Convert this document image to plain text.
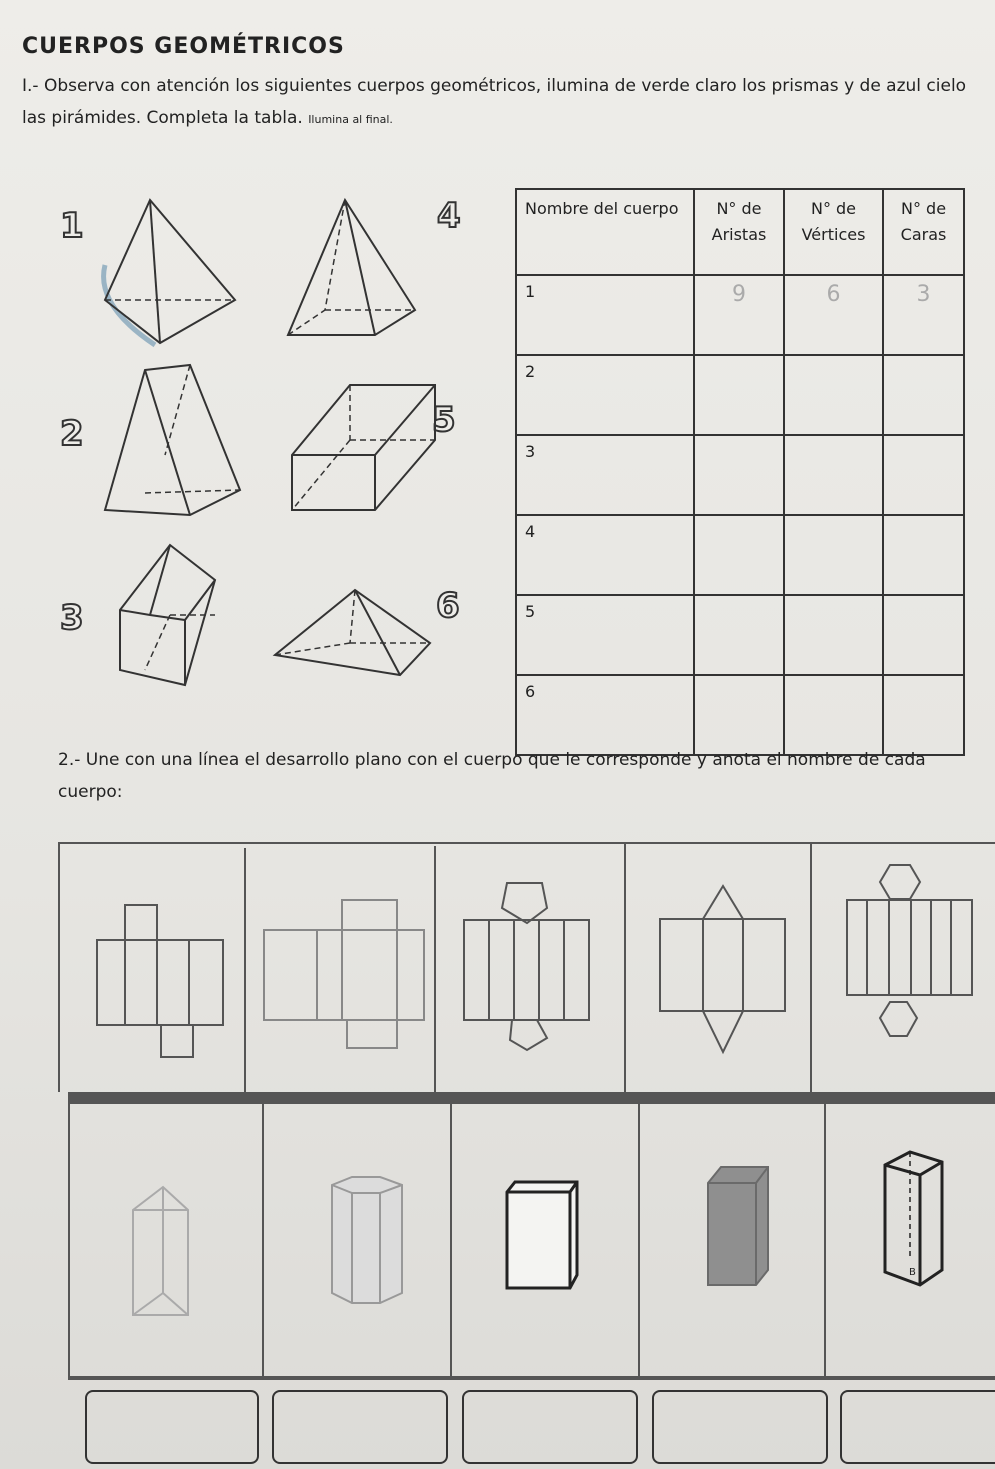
CUERPOS GEOMÉTRICOS
I.- Observa con atención los siguientes cuerpos geométricos, ilumina de verde claro los prismas y de azul cielo las pirámides. Completa la tabla. Ilumina al final.
1
2
3
4
5
6
Nombre del cuerpo	N° de Aristas	N° de Vértices	N° de Caras
1	9	6	3
2			
3			
4			
5			
6			
2.- Une con una línea el desarrollo plano con el cuerpo que le corresponde y anota el nombre de cada cuerpo:
B
